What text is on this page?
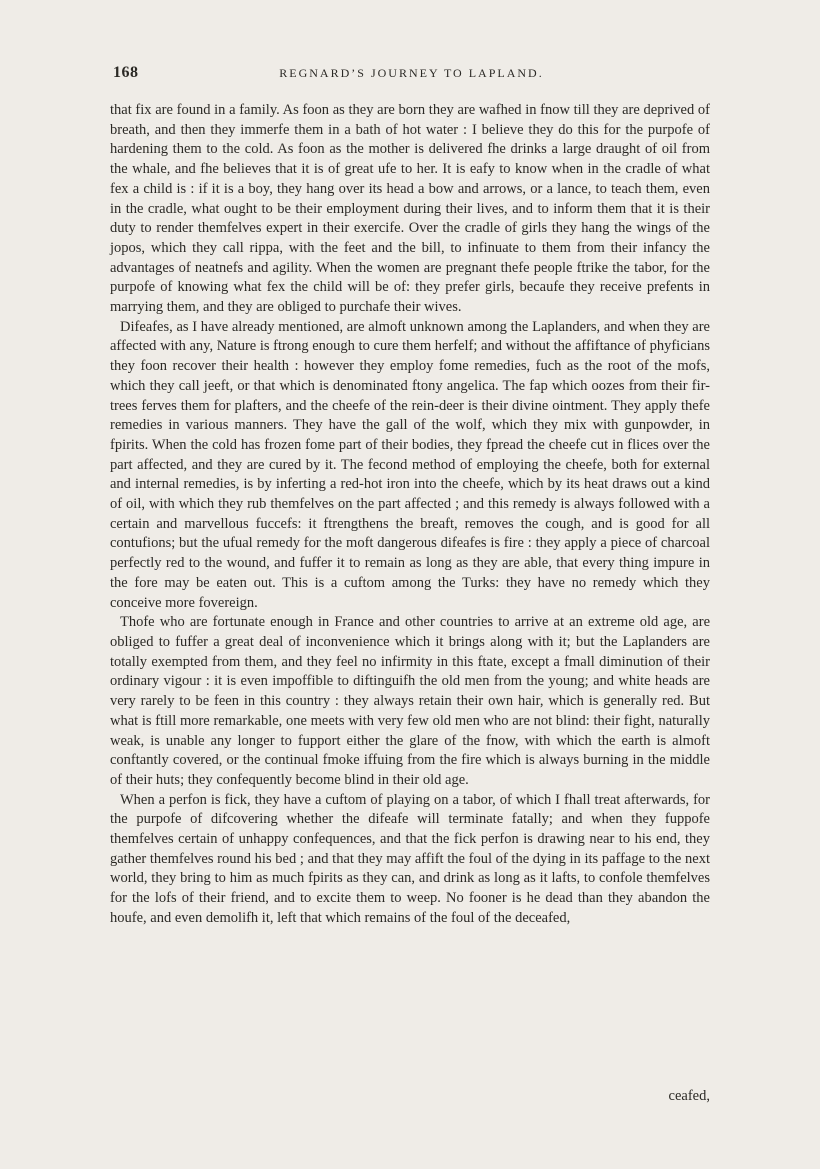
168	REGNARD’S JOURNEY TO LAPLAND.

that fix are found in a family. As foon as they are born they are wafhed in fnow till they are deprived of breath, and then they immerfe them in a bath of hot water : I believe they do this for the purpofe of hardening them to the cold. As foon as the mother is delivered fhe drinks a large draught of oil from the whale, and fhe believes that it is of great ufe to her. It is eafy to know when in the cradle of what fex a child is : if it is a boy, they hang over its head a bow and arrows, or a lance, to teach them, even in the cradle, what ought to be their employment during their lives, and to inform them that it is their duty to render themfelves expert in their exercife. Over the cradle of girls they hang the wings of the jopos, which they call rippa, with the feet and the bill, to infinuate to them from their infancy the advantages of neatnefs and agility. When the women are pregnant thefe people ftrike the tabor, for the purpofe of knowing what fex the child will be of: they prefer girls, becaufe they receive prefents in marrying them, and they are obliged to purchafe their wives.

Difeafes, as I have already mentioned, are almoft unknown among the Laplanders, and when they are affected with any, Nature is ftrong enough to cure them herfelf; and without the affiftance of phyficians they foon recover their health : however they employ fome remedies, fuch as the root of the mofs, which they call jeeft, or that which is denominated ftony angelica. The fap which oozes from their fir-trees ferves them for plafters, and the cheefe of the rein-deer is their divine ointment. They apply thefe remedies in various manners. They have the gall of the wolf, which they mix with gunpowder, in fpirits. When the cold has frozen fome part of their bodies, they fpread the cheefe cut in flices over the part affected, and they are cured by it. The fecond method of employing the cheefe, both for external and internal remedies, is by inferting a red-hot iron into the cheefe, which by its heat draws out a kind of oil, with which they rub themfelves on the part affected ; and this remedy is always followed with a certain and marvellous fuccefs: it ftrengthens the breaft, removes the cough, and is good for all contufions; but the ufual remedy for the moft dangerous difeafes is fire : they apply a piece of charcoal perfectly red to the wound, and fuffer it to remain as long as they are able, that every thing impure in the fore may be eaten out. This is a cuftom among the Turks: they have no remedy which they conceive more fovereign.

Thofe who are fortunate enough in France and other countries to arrive at an extreme old age, are obliged to fuffer a great deal of inconvenience which it brings along with it; but the Laplanders are totally exempted from them, and they feel no infirmity in this ftate, except a fmall diminution of their ordinary vigour : it is even impoffible to diftinguifh the old men from the young; and white heads are very rarely to be feen in this country : they always retain their own hair, which is generally red. But what is ftill more remarkable, one meets with very few old men who are not blind: their fight, naturally weak, is unable any longer to fupport either the glare of the fnow, with which the earth is almoft conftantly covered, or the continual fmoke iffuing from the fire which is always burning in the middle of their huts; they confequently become blind in their old age.

When a perfon is fick, they have a cuftom of playing on a tabor, of which I fhall treat afterwards, for the purpofe of difcovering whether the difeafe will terminate fatally; and when they fuppofe themfelves certain of unhappy confequences, and that the fick perfon is drawing near to his end, they gather themfelves round his bed ; and that they may affift the foul of the dying in its paffage to the next world, they bring to him as much fpirits as they can, and drink as long as it lafts, to confole themfelves for the lofs of their friend, and to excite them to weep. No fooner is he dead than they abandon the houfe, and even demolifh it, left that which remains of the foul of the deceafed,

ceafed,
